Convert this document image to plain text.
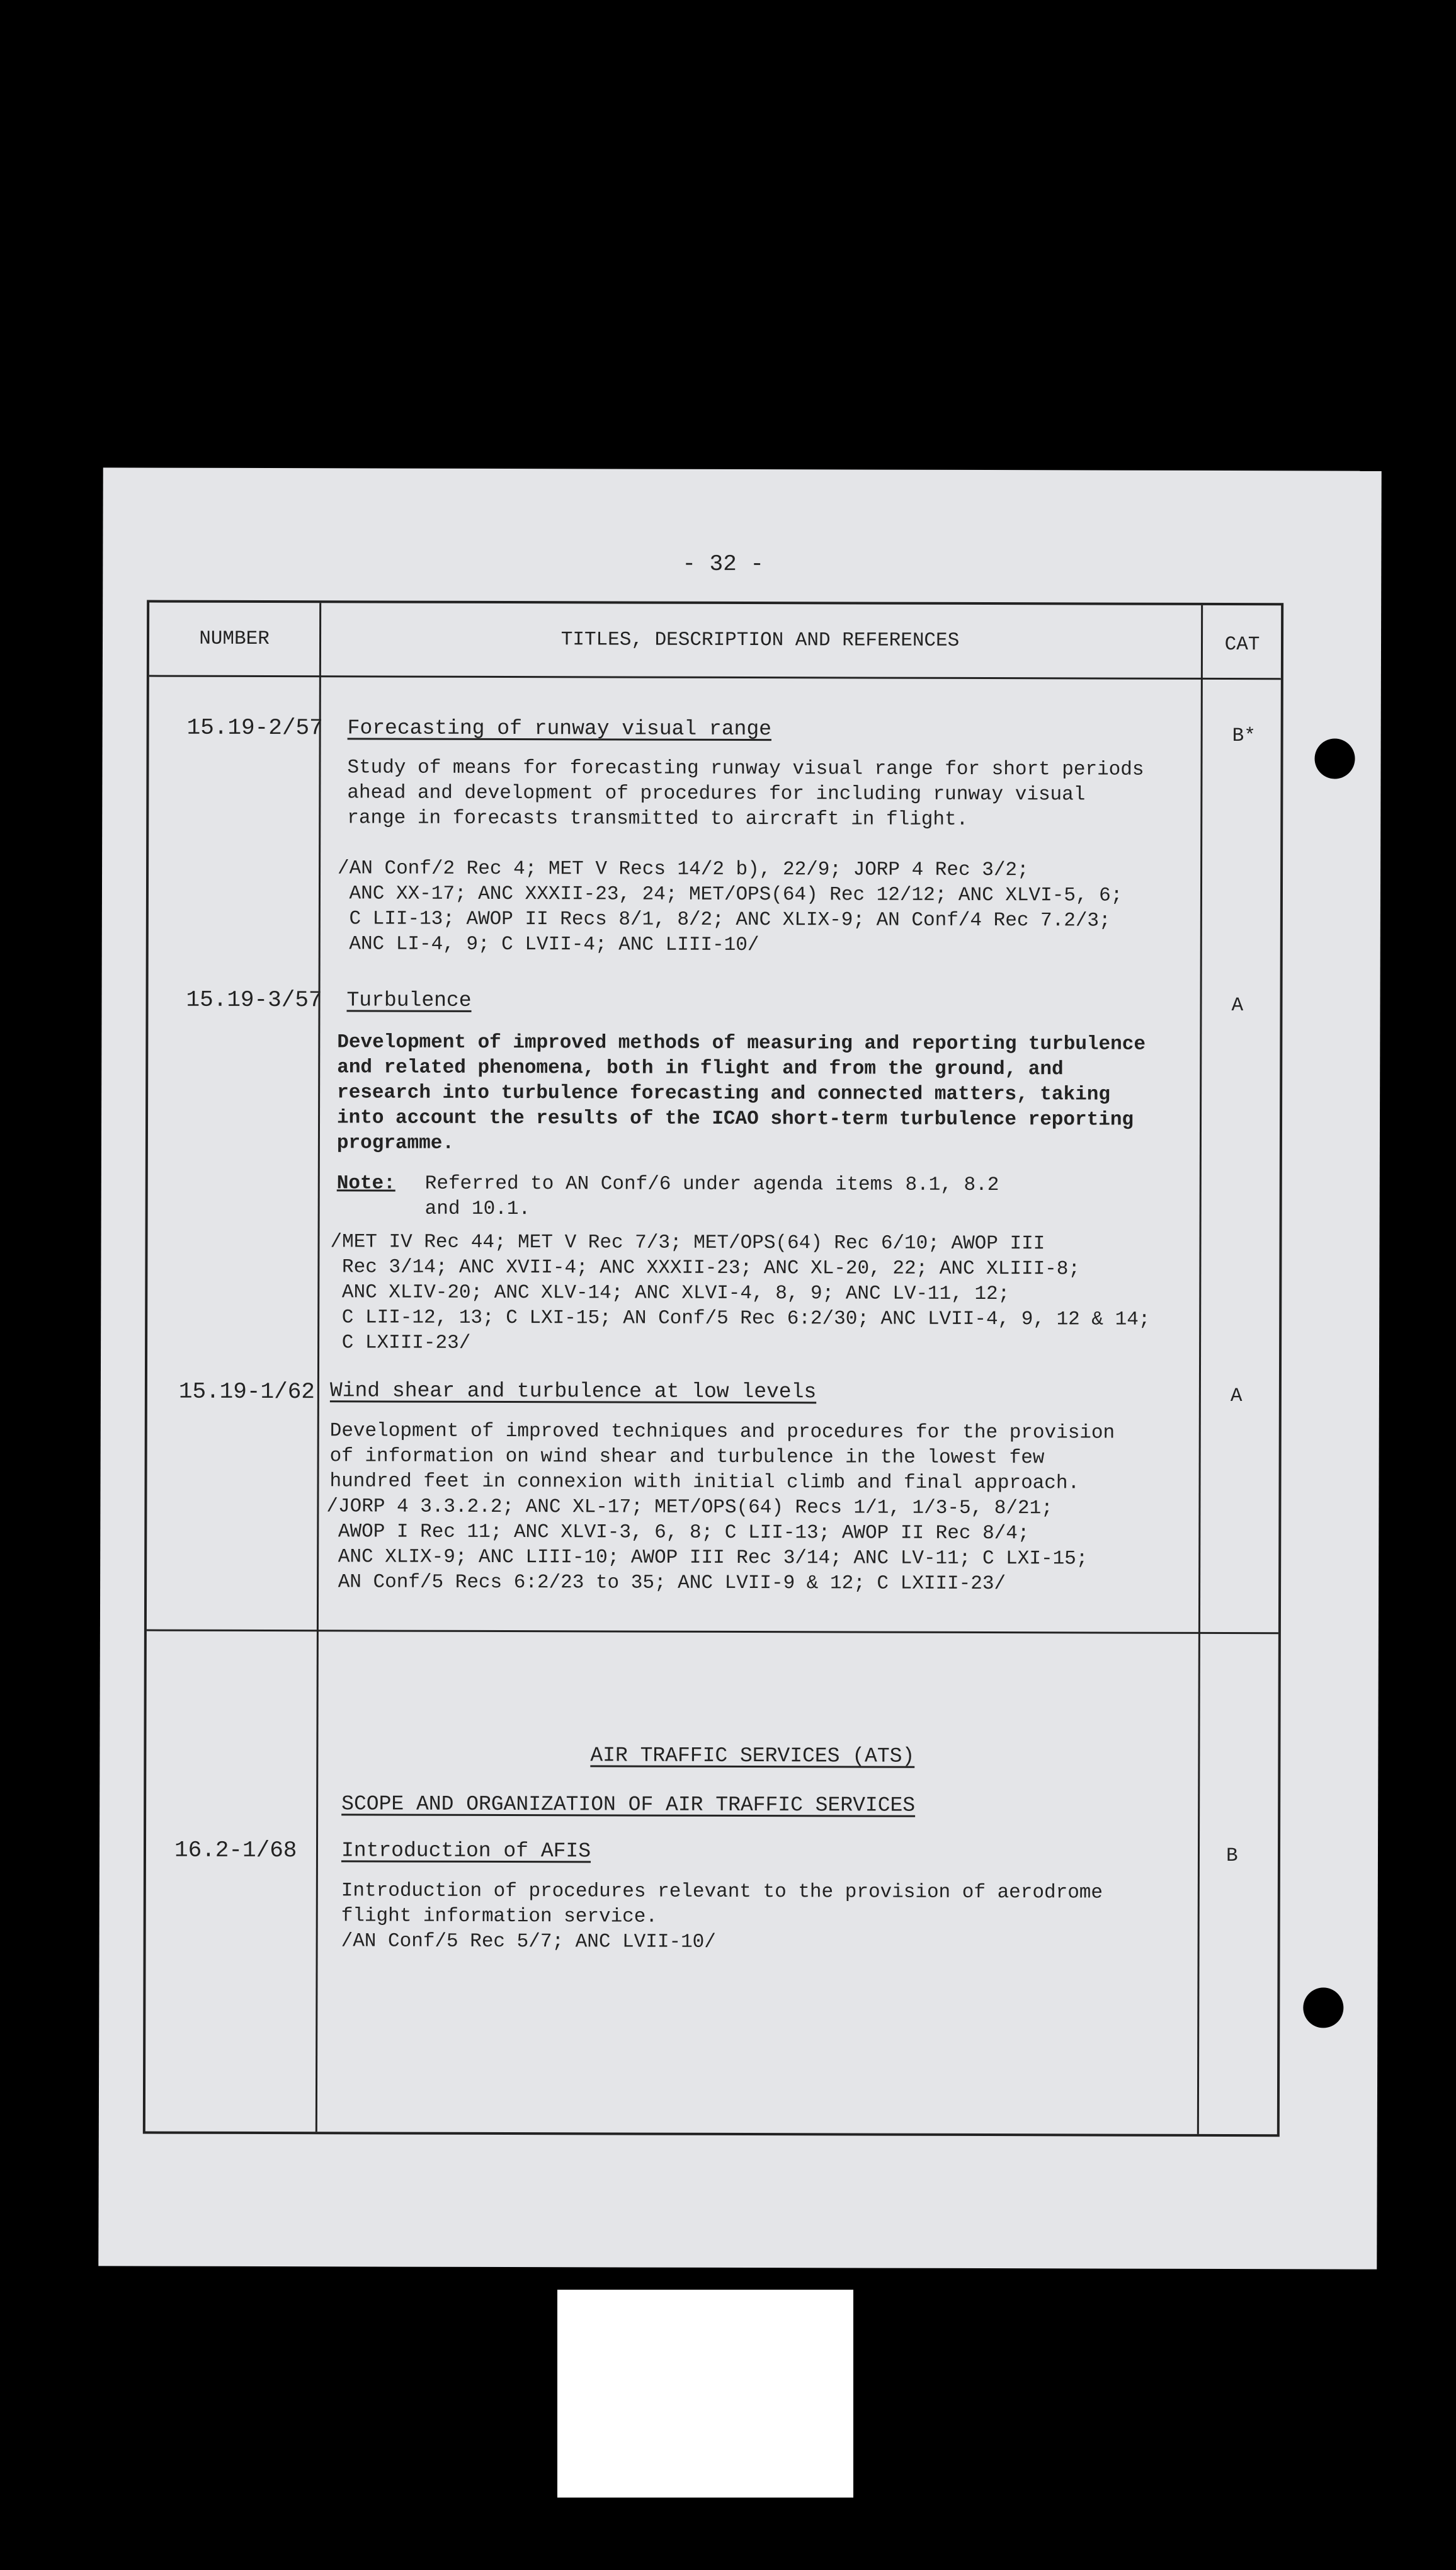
- 32 -
NUMBER	TITLES, DESCRIPTION AND REFERENCES	CAT
15.19-2/57 Forecasting of runway visual range	B*
Study of means for forecasting runway visual range for short periods
ahead and development of procedures for including runway visual
range in forecasts transmitted to aircraft in flight.
/AN Conf/2 Rec 4; MET V Recs 14/2 b), 22/9; JORP 4 Rec 3/2;
ANC XX-17; ANC XXXII-23, 24; MET/OPS(64) Rec 12/12; ANC XLVI-5, 6;
C LII-13; AWOP II Recs 8/1, 8/2; ANC XLIX-9; AN Conf/4 Rec 7.2/3;
ANC LI-4, 9; C LVII-4; ANC LIII-10/
15.19-3/57 Turbulence	A
Development of improved methods of measuring and reporting turbulence
and related phenomena, both in flight and from the ground, and
research into turbulence forecasting and connected matters, taking
into account the results of the ICAO short-term turbulence reporting
programme.
Note: Referred to AN Conf/6 under agenda items 8.1, 8.2
and 10.1.
/MET IV Rec 44; MET V Rec 7/3; MET/OPS(64) Rec 6/10; AWOP III
Rec 3/14; ANC XVII-4; ANC XXXII-23; ANC XL-20, 22; ANC XLIII-8;
ANC XLIV-20; ANC XLV-14; ANC XLVI-4, 8, 9; ANC LV-11, 12;
C LII-12, 13; C LXI-15; AN Conf/5 Rec 6:2/30; ANC LVII-4, 9, 12 & 14;
C LXIII-23/
15.19-1/62 Wind shear and turbulence at low levels	A
Development of improved techniques and procedures for the provision
of information on wind shear and turbulence in the lowest few
hundred feet in connexion with initial climb and final approach.
/JORP 4 3.3.2.2; ANC XL-17; MET/OPS(64) Recs 1/1, 1/3-5, 8/21;
AWOP I Rec 11; ANC XLVI-3, 6, 8; C LII-13; AWOP II Rec 8/4;
ANC XLIX-9; ANC LIII-10; AWOP III Rec 3/14; ANC LV-11; C LXI-15;
AN Conf/5 Recs 6:2/23 to 35; ANC LVII-9 & 12; C LXIII-23/
AIR TRAFFIC SERVICES (ATS)
SCOPE AND ORGANIZATION OF AIR TRAFFIC SERVICES
16.2-1/68 Introduction of AFIS	B
Introduction of procedures relevant to the provision of aerodrome
flight information service.
/AN Conf/5 Rec 5/7; ANC LVII-10/
